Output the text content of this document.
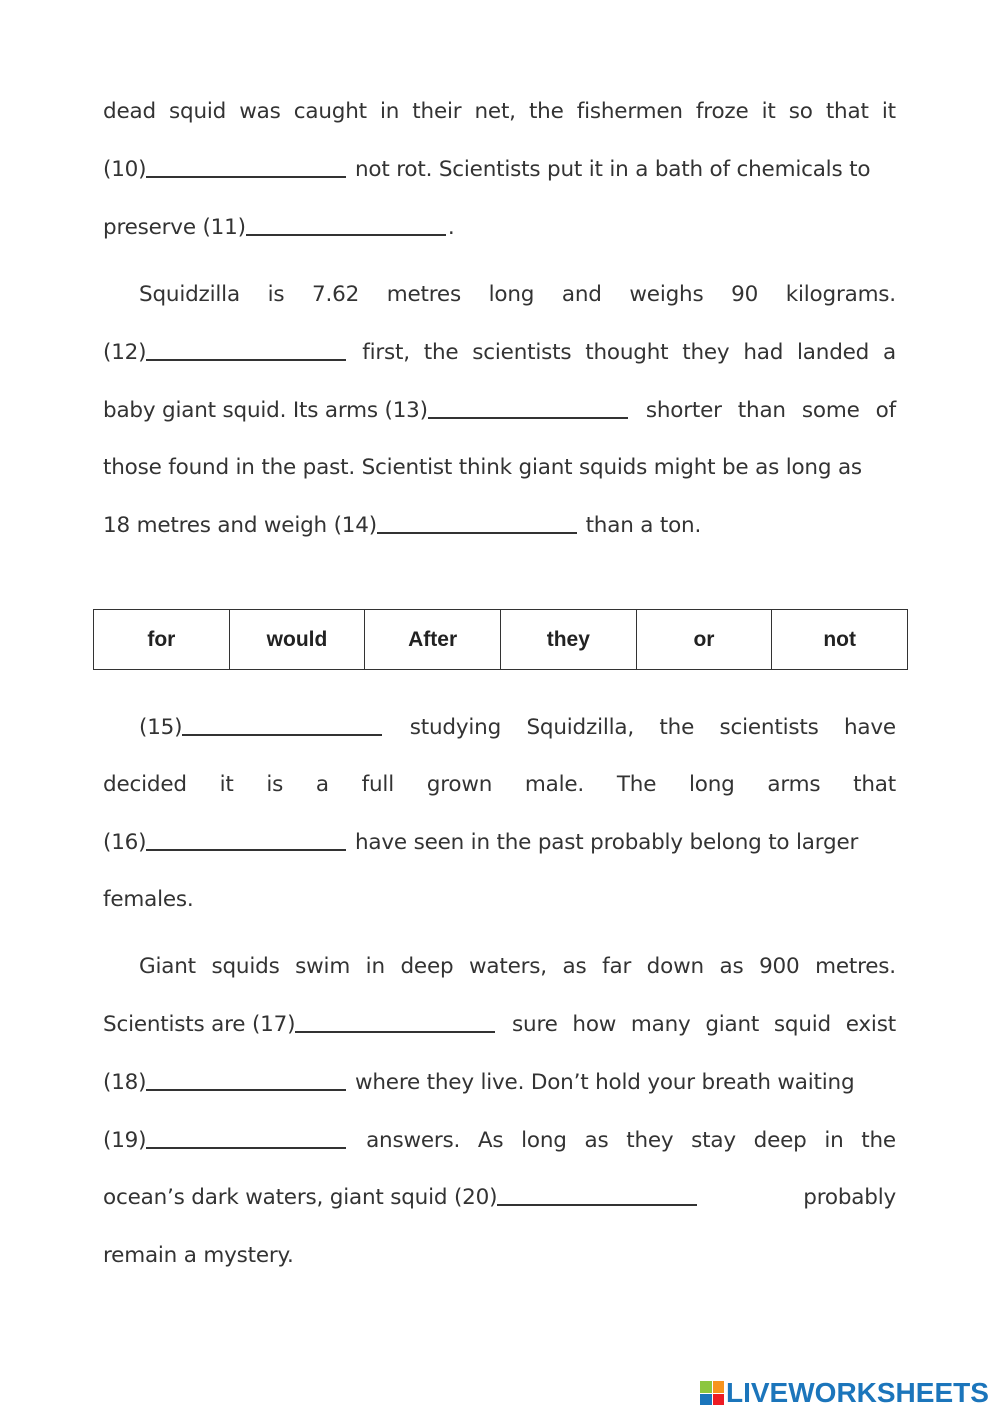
dead squid was caught in their net, the fishermen froze it so that it
(10)	not rot. Scientists put it in a bath of chemicals to
preserve (11)	.
Squidzilla is 7.62 metres long and weighs 90 kilograms.
(12)	first, the scientists thought they had landed a
baby giant squid. Its arms (13)	shorter than some of
those found in the past. Scientist think giant squids might be as long as
18 metres and weigh (14)	than a ton.
(15)	studying Squidzilla, the scientists have
decided it is a full grown male. The long arms that
(16)	have seen in the past probably belong to larger
females.
Giant squids swim in deep waters, as far down as 900 metres.
Scientists are (17)	sure how many giant squid exist
(18)	where they live. Don’t hold your breath waiting
(19)	answers. As long as they stay deep in the
ocean’s dark waters, giant squid (20)	probably
remain a mystery.
for	would	After	they	or	not
LIVEWORKSHEETS
